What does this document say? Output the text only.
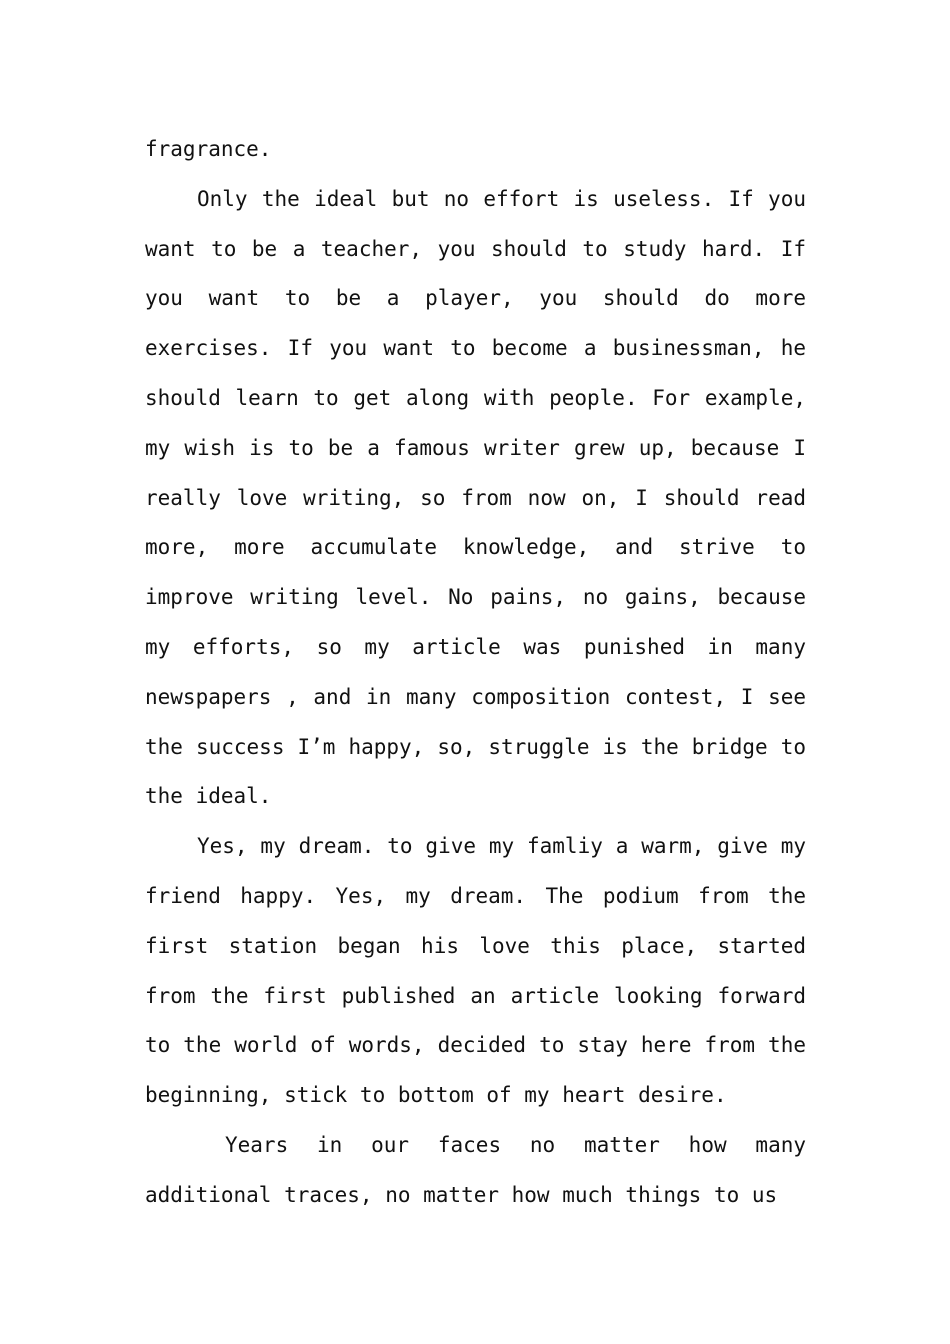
fragrance.

Only the ideal but no effort is useless. If you want to be a teacher, you should to study hard. If you want to be a player, you should do more exercises. If you want to become a businessman, he should learn to get along with people. For example, my wish is to be a famous writer grew up, because I really love writing, so from now on, I should read more, more accumulate knowledge, and strive to improve writing level. No pains, no gains, because my efforts, so my article was punished in many newspapers , and in many composition contest, I see the success I’m happy, so, struggle is the bridge to the ideal.

Yes, my dream. to give my famliy a warm, give my friend happy. Yes, my dream. The podium from the first station began his love this place, started from the first published an article looking forward to the world of words, decided to stay here from the beginning, stick to bottom of my heart desire.

Years in our faces no matter how many additional traces, no matter how much things to us
